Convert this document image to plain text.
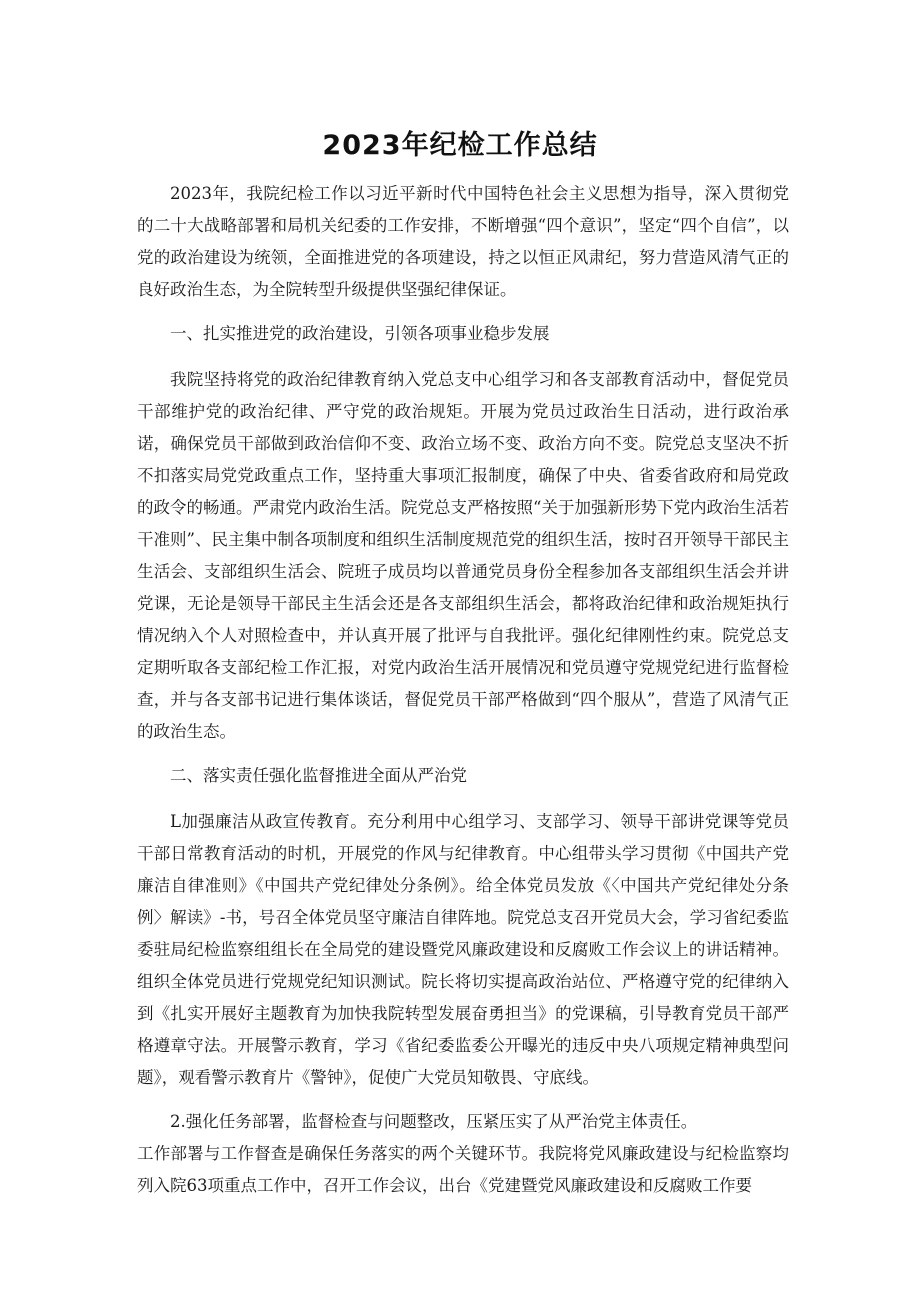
2023年纪检工作总结

2023年，我院纪检工作以习近平新时代中国特色社会主义思想为指导，深入贯彻党的二十大战略部署和局机关纪委的工作安排，不断增强“四个意识”，坚定“四个自信”，以党的政治建设为统领，全面推进党的各项建设，持之以恒正风肃纪，努力营造风清气正的良好政治生态，为全院转型升级提供坚强纪律保证。

一、扎实推进党的政治建设，引领各项事业稳步发展

我院坚持将党的政治纪律教育纳入党总支中心组学习和各支部教育活动中，督促党员干部维护党的政治纪律、严守党的政治规矩。开展为党员过政治生日活动，进行政治承诺，确保党员干部做到政治信仰不变、政治立场不变、政治方向不变。院党总支坚决不折不扣落实局党党政重点工作，坚持重大事项汇报制度，确保了中央、省委省政府和局党政的政令的畅通。严肃党内政治生活。院党总支严格按照“关于加强新形势下党内政治生活若干准则”、民主集中制各项制度和组织生活制度规范党的组织生活，按时召开领导干部民主生活会、支部组织生活会、院班子成员均以普通党员身份全程参加各支部组织生活会并讲党课，无论是领导干部民主生活会还是各支部组织生活会，都将政治纪律和政治规矩执行情况纳入个人对照检查中，并认真开展了批评与自我批评。强化纪律刚性约束。院党总支定期听取各支部纪检工作汇报，对党内政治生活开展情况和党员遵守党规党纪进行监督检查，并与各支部书记进行集体谈话，督促党员干部严格做到“四个服从”，营造了风清气正的政治生态。

二、落实责任强化监督推进全面从严治党

L加强廉洁从政宣传教育。充分利用中心组学习、支部学习、领导干部讲党课等党员干部日常教育活动的时机，开展党的作风与纪律教育。中心组带头学习贯彻《中国共产党廉洁自律准则》《中国共产党纪律处分条例》。给全体党员发放《〈中国共产党纪律处分条例〉解读》-书，号召全体党员坚守廉洁自律阵地。院党总支召开党员大会，学习省纪委监委驻局纪检监察组组长在全局党的建设暨党风廉政建设和反腐败工作会议上的讲话精神。组织全体党员进行党规党纪知识测试。院长将切实提高政治站位、严格遵守党的纪律纳入到《扎实开展好主题教育为加快我院转型发展奋勇担当》的党课稿，引导教育党员干部严格遵章守法。开展警示教育，学习《省纪委监委公开曝光的违反中央八项规定精神典型问题》，观看警示教育片《警钟》，促使广大党员知敬畏、守底线。

2.强化任务部署，监督检查与问题整改，压紧压实了从严治党主体责任。

工作部署与工作督查是确保任务落实的两个关键环节。我院将党风廉政建设与纪检监察均列入院63项重点工作中，召开工作会议，出台《党建暨党风廉政建设和反腐败工作要
